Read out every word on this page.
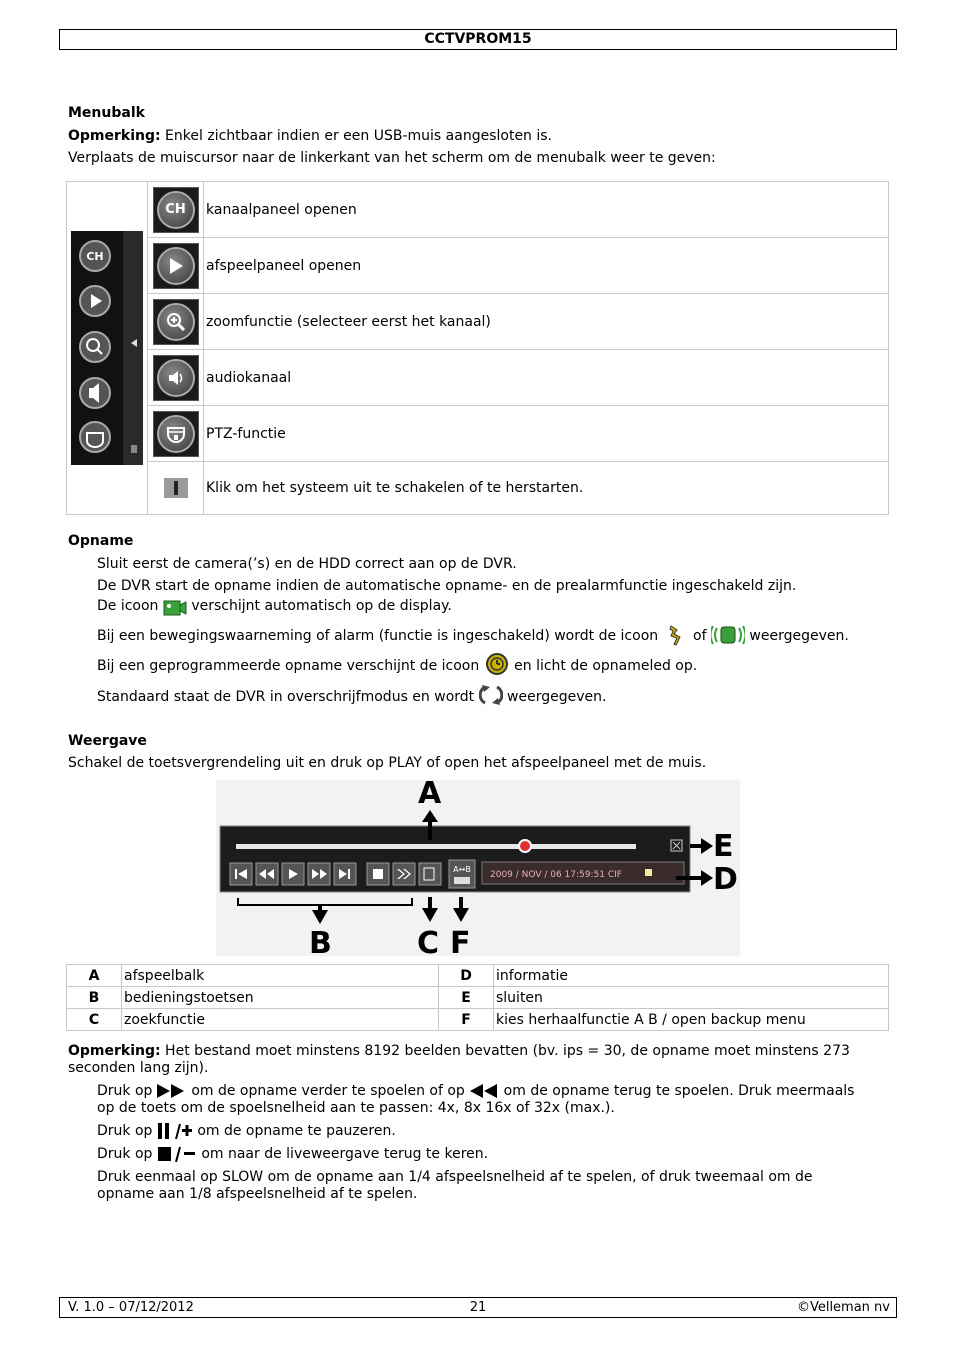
CCTVPROM15
Menubalk
Opmerking: Enkel zichtbaar indien er een USB-muis aangesloten is.
Verplaats de muiscursor naar de linkerkant van het scherm om de menubalk weer te geven:
CH	CH	kanaalpaneel openen

	afspeelpaneel openen

	zoomfunctie (selecteer eerst het kanaal)

	audiokanaal

	PTZ-functie

	Klik om het systeem uit te schakelen of te herstarten.
Opname
Sluit eerst de camera(’s) en de HDD correct aan op de DVR.
De DVR start de opname indien de automatische opname- en de prealarmfunctie ingeschakeld zijn.
De icoon  verschijnt automatisch op de display.
Bij een bewegingswaarneming of alarm (functie is ingeschakeld) wordt de icoon  of  weergegeven.
Bij een geprogrammeerde opname verschijnt de icoon  en licht de opnameled op.
Standaard staat de DVR in overschrijfmodus en wordt  weergegeven.
Weergave
Schakel de toetsvergrendeling uit en druk op PLAY of open het afspeelpaneel met de muis.
A↔B
2009 / NOV / 06 17:59:51 CIF
A
E
D
B	C F
A	afspeelbalk	D	informatie
B	bedieningstoetsen	E	sluiten
C	zoekfunctie	F	kies herhaalfunctie A B / open backup menu
Opmerking: Het bestand moet minstens 8192 beelden bevatten (bv. ips = 30, de opname moet minstens 273
seconden lang zijn).
Druk op  om de opname verder te spoelen of op  om de opname terug te spoelen. Druk meermaals
op de toets om de spoelsnelheid aan te passen: 4x, 8x 16x of 32x (max.).
Druk op	om de opname te pauzeren.
Druk op	om naar de liveweergave terug te keren.
Druk eenmaal op SLOW om de opname aan 1/4 afspeelsnelheid af te spelen, of druk tweemaal om de
opname aan 1/8 afspeelsnelheid af te spelen.
V. 1.0 – 07/12/2012	21	©Velleman nv
